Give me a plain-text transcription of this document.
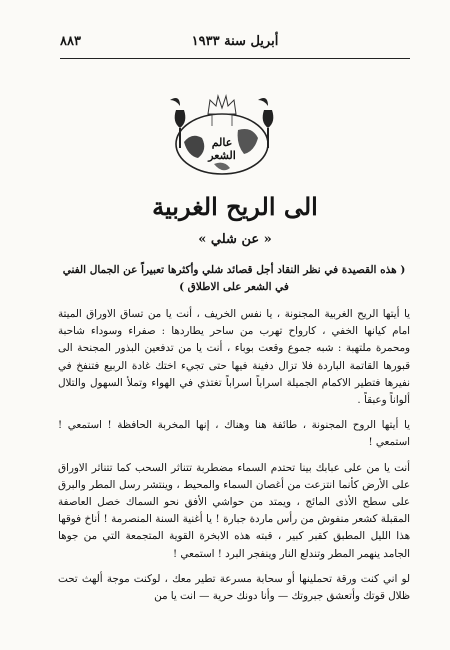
أبريل سنة ١٩٣٣
٨٨٣
عالم الشعر
الى الريح الغربية
« عن شلي »
( هذه القصيدة في نظر النقاد أجل قصائد شلي وأكثرها تعبيراً عن الجمال الفني في الشعر على الاطلاق )

يا أيتها الريح الغربية المجنونة ، يا نفس الخريف ، أنت يا من تساق الاوراق الميتة امام كيانها الخفي ، كارواح تهرب من ساحر يطاردها : صفراء وسوداء شاحبة ومحمرة ملتهبة : شبه جموع وقعت بوباء ، أنت يا من تدفعين البذور المجنحة الى قبورها القاتمة الباردة فلا تزال دفينة فيها حتى تجيء اختك غادة الربيع فتنفخ في نفيرها فتطير الاكمام الجميلة اسراباً اسراباً تغتذي في الهواء وتملأ السهول والتلال ألواناً وعبقاً .

يا أيتها الروح المجنونة ، طائفة هنا وهناك ، إنها المخربة الحافظة ! استمعي ! استمعي !

أنت يا من على عبابك بينا تحتدم السماء مضطربة تتناثر السحب كما تتناثر الاوراق على الأرض كأنما انتزعت من أغصان السماء والمحيط ، وينتشر رسل المطر والبرق على سطح الأذى المائج ، ويمتد من حواشي الأفق نحو السماك خصل العاصفة المقبلة كشعر منفوش من رأس ماردة جبارة ! يا أغنية السنة المنصرمة ! أناخ فوقها هذا الليل المطبق كقبر كبير ، قبته هذه الابخرة القوية المتجمعة التي من جوها الجامد ينهمر المطر وتندلع النار وينفجر البرد ! استمعي !

لو اني كنت ورقة تحملينها أو سحابة مسرعة تطير معك ، لوكنت موجة ألهث تحت ظلال قوتك وأتعشق جبروتك — وأنا دونك حرية — انت يا من
